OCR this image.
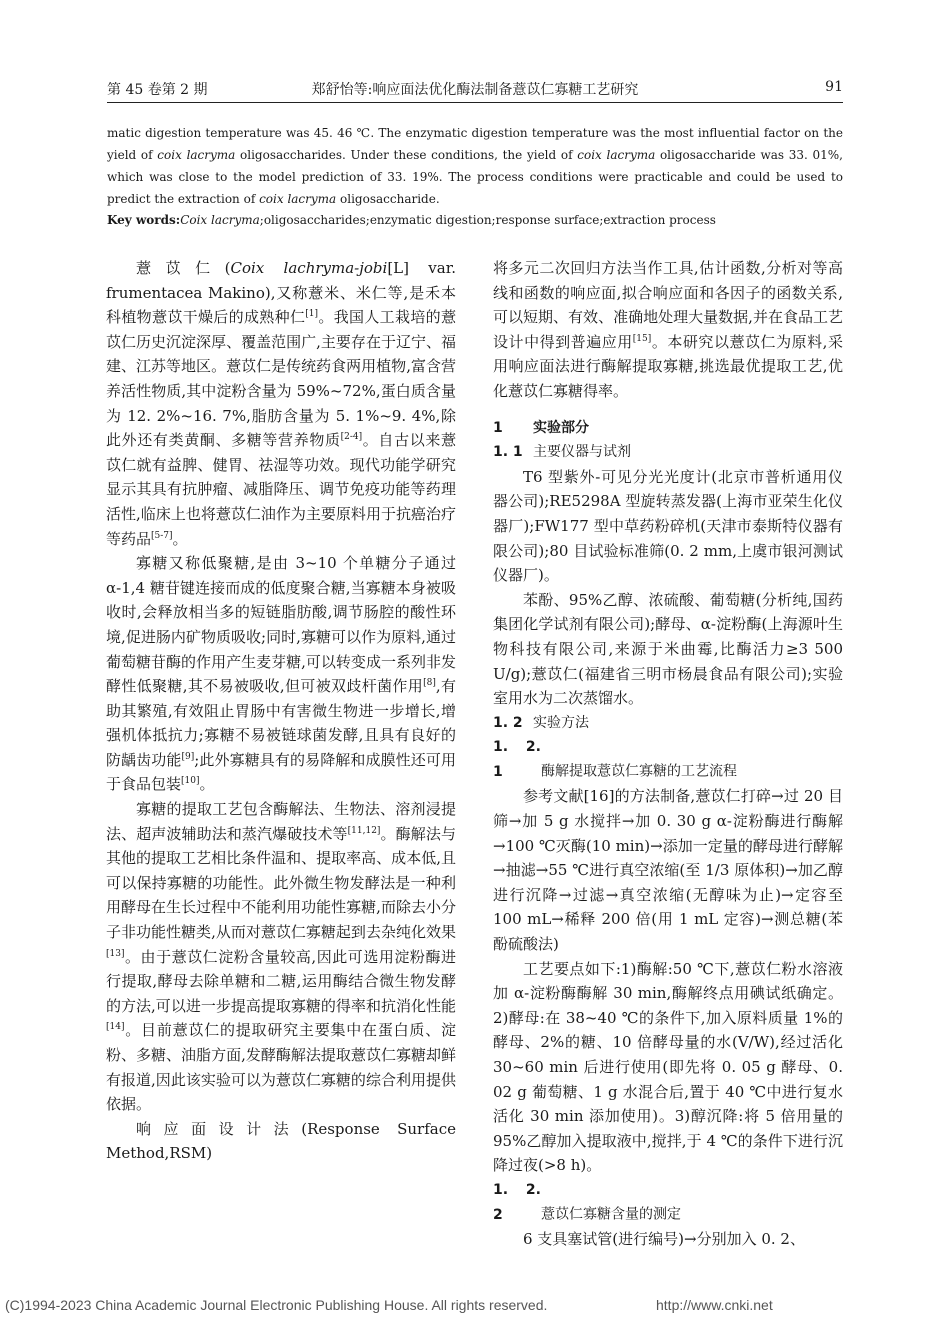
第 45 卷第 2 期	郑舒怡等:响应面法优化酶法制备薏苡仁寡糖工艺研究	91

matic digestion temperature was 45. 46 ℃. The enzymatic digestion temperature was the most influential factor on the yield of coix lacryma oligosaccharides. Under these conditions, the yield of coix lacryma oligosaccharide was 33. 01%, which was close to the model prediction of 33. 19%. The process conditions were practicable and could be used to predict the extraction of coix lacryma oligosaccharide.

Key words:Coix lacryma;oligosaccharides;enzymatic digestion;response surface;extraction process

薏苡仁(Coix lachryma-jobi[L] var. frumentacea Makino),又称薏米、米仁等,是禾本科植物薏苡干燥后的成熟种仁[1]。我国人工栽培的薏苡仁历史沉淀深厚、覆盖范围广,主要存在于辽宁、福建、江苏等地区。薏苡仁是传统药食两用植物,富含营养活性物质,其中淀粉含量为 59%~72%,蛋白质含量为 12. 2%~16. 7%,脂肪含量为 5. 1%~9. 4%,除此外还有类黄酮、多糖等营养物质[2-4]。自古以来薏苡仁就有益脾、健胃、祛湿等功效。现代功能学研究显示其具有抗肿瘤、减脂降压、调节免疫功能等药理活性,临床上也将薏苡仁油作为主要原料用于抗癌治疗等药品[5-7]。

寡糖又称低聚糖,是由 3~10 个单糖分子通过 α-1,4 糖苷键连接而成的低度聚合糖,当寡糖本身被吸收时,会释放相当多的短链脂肪酸,调节肠腔的酸性环境,促进肠内矿物质吸收;同时,寡糖可以作为原料,通过葡萄糖苷酶的作用产生麦芽糖,可以转变成一系列非发酵性低聚糖,其不易被吸收,但可被双歧杆菌作用[8],有助其繁殖,有效阻止胃肠中有害微生物进一步增长,增强机体抵抗力;寡糖不易被链球菌发酵,且具有良好的防龋齿功能[9];此外寡糖具有的易降解和成膜性还可用于食品包装[10]。

寡糖的提取工艺包含酶解法、生物法、溶剂浸提法、超声波辅助法和蒸汽爆破技术等[11,12]。酶解法与其他的提取工艺相比条件温和、提取率高、成本低,且可以保持寡糖的功能性。此外微生物发酵法是一种利用酵母在生长过程中不能利用功能性寡糖,而除去小分子非功能性糖类,从而对薏苡仁寡糖起到去杂纯化效果[13]。由于薏苡仁淀粉含量较高,因此可选用淀粉酶进行提取,酵母去除单糖和二糖,运用酶结合微生物发酵的方法,可以进一步提高提取寡糖的得率和抗消化性能[14]。目前薏苡仁的提取研究主要集中在蛋白质、淀粉、多糖、油脂方面,发酵酶解法提取薏苡仁寡糖却鲜有报道,因此该实验可以为薏苡仁寡糖的综合利用提供依据。

响应面设计法(Response Surface Method,RSM)

将多元二次回归方法当作工具,估计函数,分析对等高线和函数的响应面,拟合响应面和各因子的函数关系,可以短期、有效、准确地处理大量数据,并在食品工艺设计中得到普遍应用[15]。本研究以薏苡仁为原料,采用响应面法进行酶解提取寡糖,挑选最优提取工艺,优化薏苡仁寡糖得率。

1 实验部分

1. 1 主要仪器与试剂

T6 型紫外-可见分光光度计(北京市普析通用仪器公司);RE5298A 型旋转蒸发器(上海市亚荣生化仪器厂);FW177 型中草药粉碎机(天津市泰斯特仪器有限公司);80 目试验标准筛(0. 2 mm,上虞市银河测试仪器厂)。

苯酚、95%乙醇、浓硫酸、葡萄糖(分析纯,国药集团化学试剂有限公司);酵母、α-淀粉酶(上海源叶生物科技有限公司,来源于米曲霉,比酶活力≥3 500 U/g);薏苡仁(福建省三明市杨晨食品有限公司);实验室用水为二次蒸馏水。

1. 2 实验方法

1. 2. 1	酶解提取薏苡仁寡糖的工艺流程

参考文献[16]的方法制备,薏苡仁打碎→过 20 目筛→加 5 g 水搅拌→加 0. 30 g α-淀粉酶进行酶解→100 ℃灭酶(10 min)→添加一定量的酵母进行酵解→抽滤→55 ℃进行真空浓缩(至 1/3 原体积)→加乙醇进行沉降→过滤→真空浓缩(无醇味为止)→定容至 100 mL→稀释 200 倍(用 1 mL 定容)→测总糖(苯酚硫酸法)

工艺要点如下:1)酶解:50 ℃下,薏苡仁粉水溶液加 α-淀粉酶酶解 30 min,酶解终点用碘试纸确定。2)酵母:在 38~40 ℃的条件下,加入原料质量 1%的酵母、2%的糖、10 倍酵母量的水(V/W),经过活化 30~60 min 后进行使用(即先将 0. 05 g 酵母、0. 02 g 葡萄糖、1 g 水混合后,置于 40 ℃中进行复水活化 30 min 添加使用)。3)醇沉降:将 5 倍用量的 95%乙醇加入提取液中,搅拌,于 4 ℃的条件下进行沉降过夜(>8 h)。

1. 2. 2	薏苡仁寡糖含量的测定

6 支具塞试管(进行编号)→分别加入 0. 2、

(C)1994-2023 China Academic Journal Electronic Publishing House. All rights reserved.	http://www.cnki.net
